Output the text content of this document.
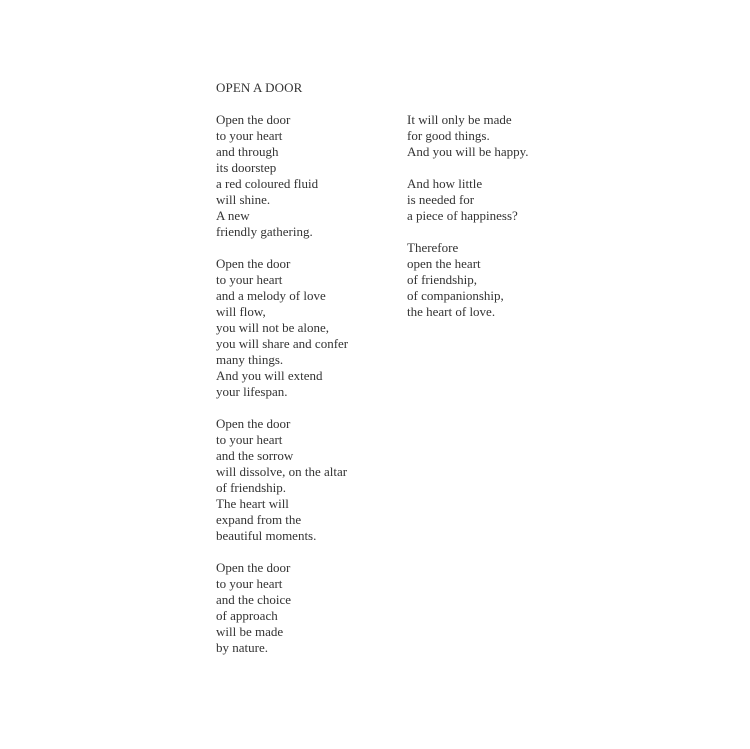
OPEN A DOOR
Open the door
to your heart
and through
its doorstep
a red coloured fluid
will shine.
A new
friendly gathering.
Open the door
to your heart
and a melody of love
will flow,
you will not be alone,
you will share and confer
many things.
And you will extend
your lifespan.
Open the door
to your heart
and the sorrow
will dissolve, on the altar
of friendship.
The heart will
expand from the
beautiful moments.
Open the door
to your heart
and the choice
of approach
will be made
by nature.
It will only be made
for good things.
And you will be happy.
And how little
is needed for
a piece of happiness?
Therefore
open the heart
of friendship,
of companionship,
the heart of love.
